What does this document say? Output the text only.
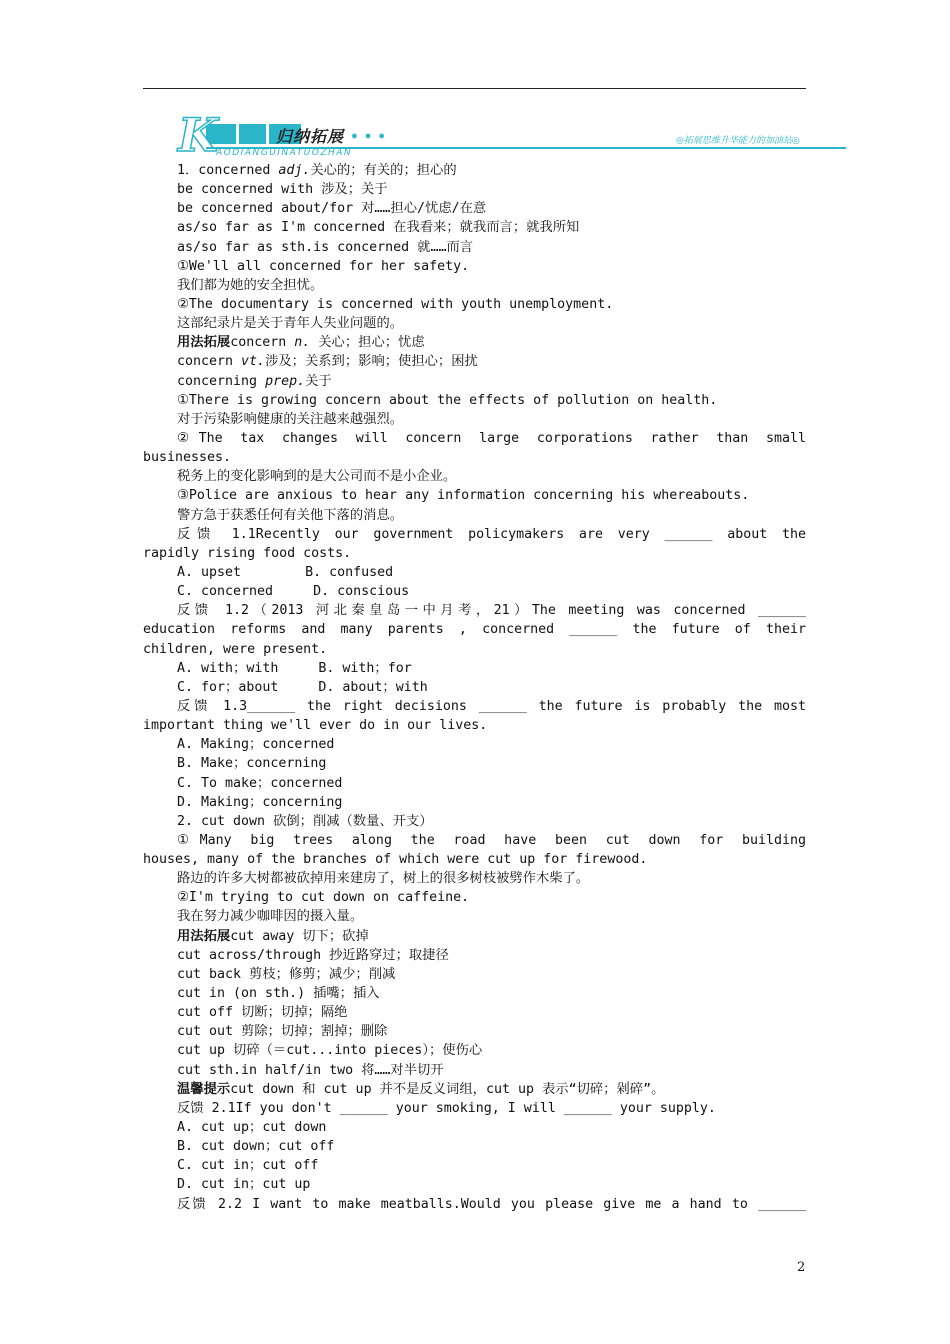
K	归纳拓展 ● ● ●
AODIANGUINATUOZHAN
◎拓展思维升华能力的加油站◎
1．concerned adj.关心的；有关的；担心的
be concerned with 涉及；关于
be concerned about/for 对……担心/忧虑/在意
as/so far as I'm concerned 在我看来；就我而言；就我所知
as/so far as sth.is concerned 就……而言
①We'll all concerned for her safety.
我们都为她的安全担忧。
②The documentary is concerned with youth unemployment.
这部纪录片是关于青年人失业问题的。
用法拓展concern n. 关心；担心；忧虑
concern vt.涉及；关系到；影响；使担心；困扰
concerning prep.关于
①There is growing concern about the effects of pollution on health.
对于污染影响健康的关注越来越强烈。
②The tax changes will concern large corporations rather than small
businesses.
税务上的变化影响到的是大公司而不是小企业。
③Police are anxious to hear any information concerning his whereabouts.
警方急于获悉任何有关他下落的消息。
反馈 1.1Recently our government policymakers are very ______ about the
rapidly rising food costs.
A. upset        B. confused
C. concerned     D. conscious
反馈 1.2（2013 河北秦皇岛一中月考，21）The meeting was concerned ______
education reforms and many parents , concerned ______ the future of their
children, were present.
A. with；with     B. with；for
C. for；about     D. about；with
反馈 1.3______ the right decisions ______ the future is probably the most
important thing we'll ever do in our lives.
A. Making；concerned
B. Make；concerning
C. To make；concerned
D. Making；concerning
2. cut down 砍倒；削减（数量、开支）
①Many big trees along the road have been cut down for building
houses, many of the branches of which were cut up for firewood.
路边的许多大树都被砍掉用来建房了，树上的很多树枝被劈作木柴了。
②I'm trying to cut down on caffeine.
我在努力减少咖啡因的摄入量。
用法拓展cut away 切下；砍掉
cut across/through 抄近路穿过；取捷径
cut back 剪枝；修剪；减少；削减
cut in (on sth.) 插嘴；插入
cut off 切断；切掉；隔绝
cut out 剪除；切掉；割掉；删除
cut up 切碎（＝cut...into pieces）；使伤心
cut sth.in half/in two 将……对半切开
温馨提示cut down 和 cut up 并不是反义词组，cut up 表示“切碎；剁碎”。
反馈 2.1If you don't ______ your smoking, I will ______ your supply.
A. cut up；cut down
B. cut down；cut off
C. cut in；cut off
D. cut in；cut up
反馈 2.2 I want to make meatballs.Would you please give me a hand to ______
2
